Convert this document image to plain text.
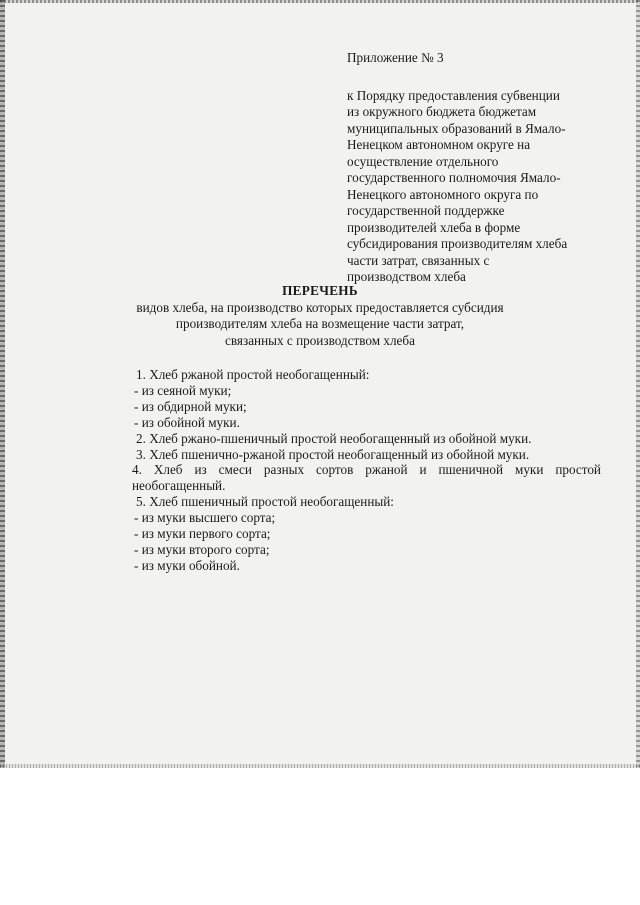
Приложение № 3
к Порядку предоставления субвенции
из окружного бюджета бюджетам
муниципальных образований в Ямало-
Ненецком автономном округе на
осуществление отдельного
государственного полномочия Ямало-
Ненецкого автономного округа по
государственной поддержке
производителей хлеба в форме
субсидирования производителям хлеба
части затрат, связанных с
производством хлеба
ПЕРЕЧЕНЬ
видов хлеба, на производство которых предоставляется субсидия
производителям хлеба на возмещение части затрат,
связанных с производством хлеба
1. Хлеб ржаной простой необогащенный:
- из сеяной муки;
- из обдирной муки;
- из обойной муки.
2. Хлеб ржано-пшеничный простой необогащенный из обойной муки.
3. Хлеб пшенично-ржаной простой необогащенный из обойной муки.
4. Хлеб из смеси разных сортов ржаной и пшеничной муки простой необогащенный.
5. Хлеб пшеничный простой необогащенный:
- из муки высшего сорта;
- из муки первого сорта;
- из муки второго сорта;
- из муки обойной.
